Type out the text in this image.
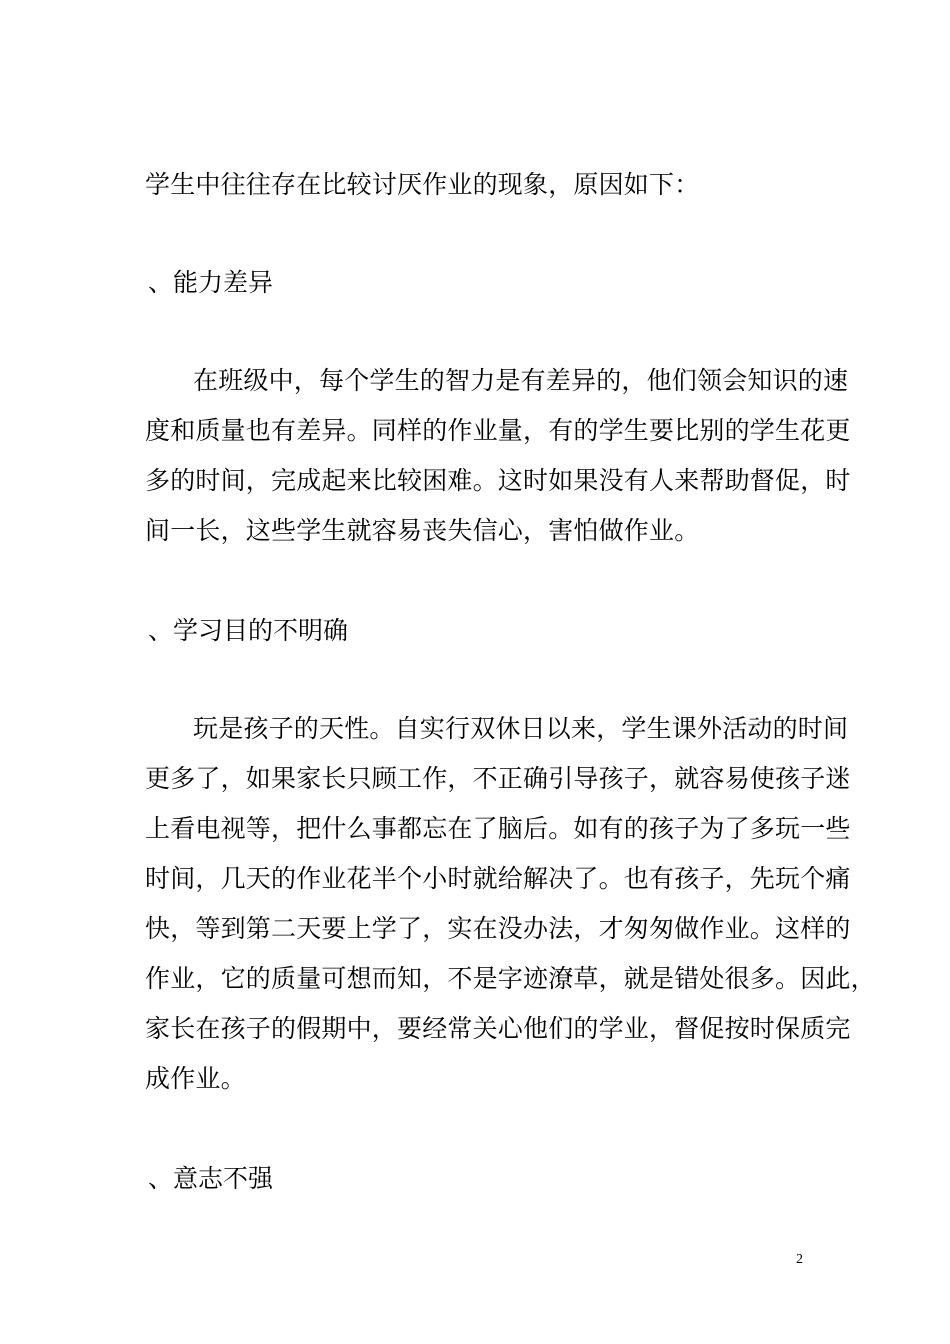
学生中往往存在比较讨厌作业的现象，原因如下：
、能力差异
在班级中，每个学生的智力是有差异的，他们领会知识的速
度和质量也有差异。同样的作业量，有的学生要比别的学生花更
多的时间，完成起来比较困难。这时如果没有人来帮助督促，时
间一长，这些学生就容易丧失信心，害怕做作业。
、学习目的不明确
玩是孩子的天性。自实行双休日以来，学生课外活动的时间
更多了，如果家长只顾工作，不正确引导孩子，就容易使孩子迷
上看电视等，把什么事都忘在了脑后。如有的孩子为了多玩一些
时间，几天的作业花半个小时就给解决了。也有孩子，先玩个痛
快，等到第二天要上学了，实在没办法，才匆匆做作业。这样的
作业，它的质量可想而知，不是字迹潦草，就是错处很多。因此，
家长在孩子的假期中，要经常关心他们的学业，督促按时保质完
成作业。
、意志不强
2
